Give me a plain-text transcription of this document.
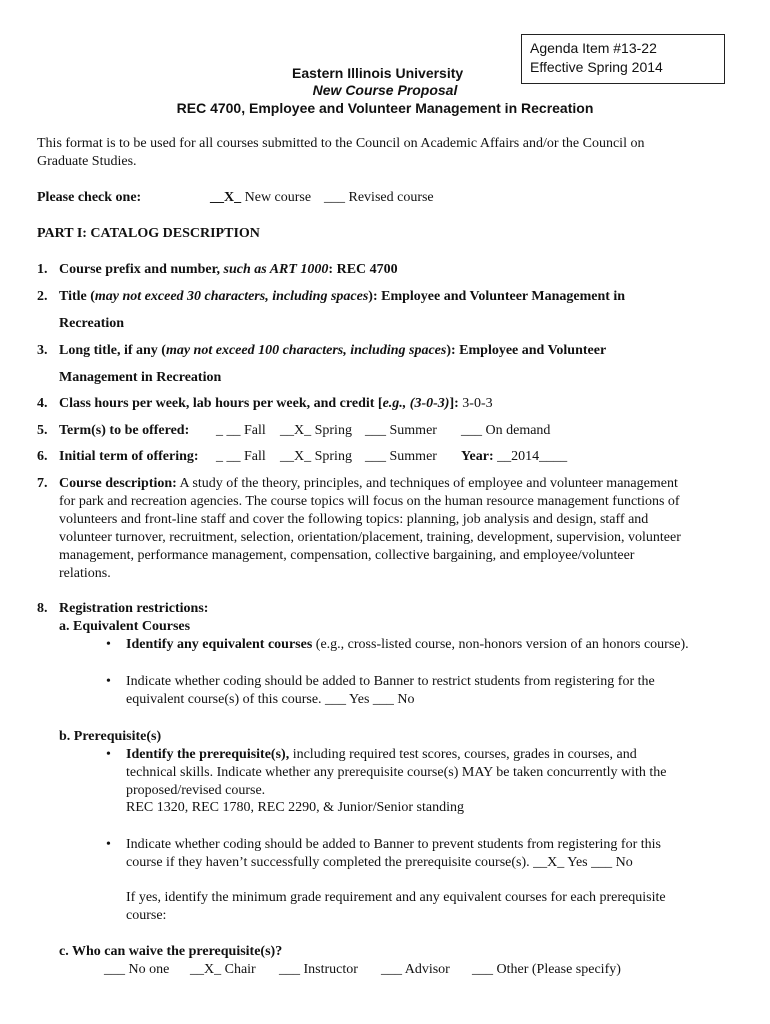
Agenda Item #13-22
Effective Spring 2014
Eastern Illinois University
New Course Proposal
REC 4700, Employee and Volunteer Management in Recreation
This format is to be used for all courses submitted to the Council on Academic Affairs and/or the Council on
Graduate Studies.
Please check one:	__X_ New course ___ Revised course
PART I: CATALOG DESCRIPTION
1. Course prefix and number, such as ART 1000: REC 4700
2. Title (may not exceed 30 characters, including spaces): Employee and Volunteer Management in
Recreation
3. Long title, if any (may not exceed 100 characters, including spaces): Employee and Volunteer
Management in Recreation
4. Class hours per week, lab hours per week, and credit [e.g., (3-0-3)]: 3-0-3
5. Term(s) to be offered: _ __ Fall __X_ Spring ___ Summer ___ On demand
6. Initial term of offering: _ __ Fall __X_ Spring ___ Summer Year: __2014____
7. Course description: A study of the theory, principles, and techniques of employee and volunteer management
for park and recreation agencies. The course topics will focus on the human resource management functions of
volunteers and front-line staff and cover the following topics: planning, job analysis and design, staff and
volunteer turnover, recruitment, selection, orientation/placement, training, development, supervision, volunteer
management, performance management, compensation, collective bargaining, and employee/volunteer
relations.
8. Registration restrictions:
a. Equivalent Courses
• Identify any equivalent courses (e.g., cross-listed course, non-honors version of an honors course).
• Indicate whether coding should be added to Banner to restrict students from registering for the
equivalent course(s) of this course. ___ Yes ___ No
b. Prerequisite(s)
• Identify the prerequisite(s), including required test scores, courses, grades in courses, and
technical skills. Indicate whether any prerequisite course(s) MAY be taken concurrently with the
proposed/revised course.
REC 1320, REC 1780, REC 2290, & Junior/Senior standing
• Indicate whether coding should be added to Banner to prevent students from registering for this
course if they haven’t successfully completed the prerequisite course(s). __X_ Yes ___ No
If yes, identify the minimum grade requirement and any equivalent courses for each prerequisite
course:
c. Who can waive the prerequisite(s)?
___ No one __X_ Chair ___ Instructor ___ Advisor ___ Other (Please specify)
